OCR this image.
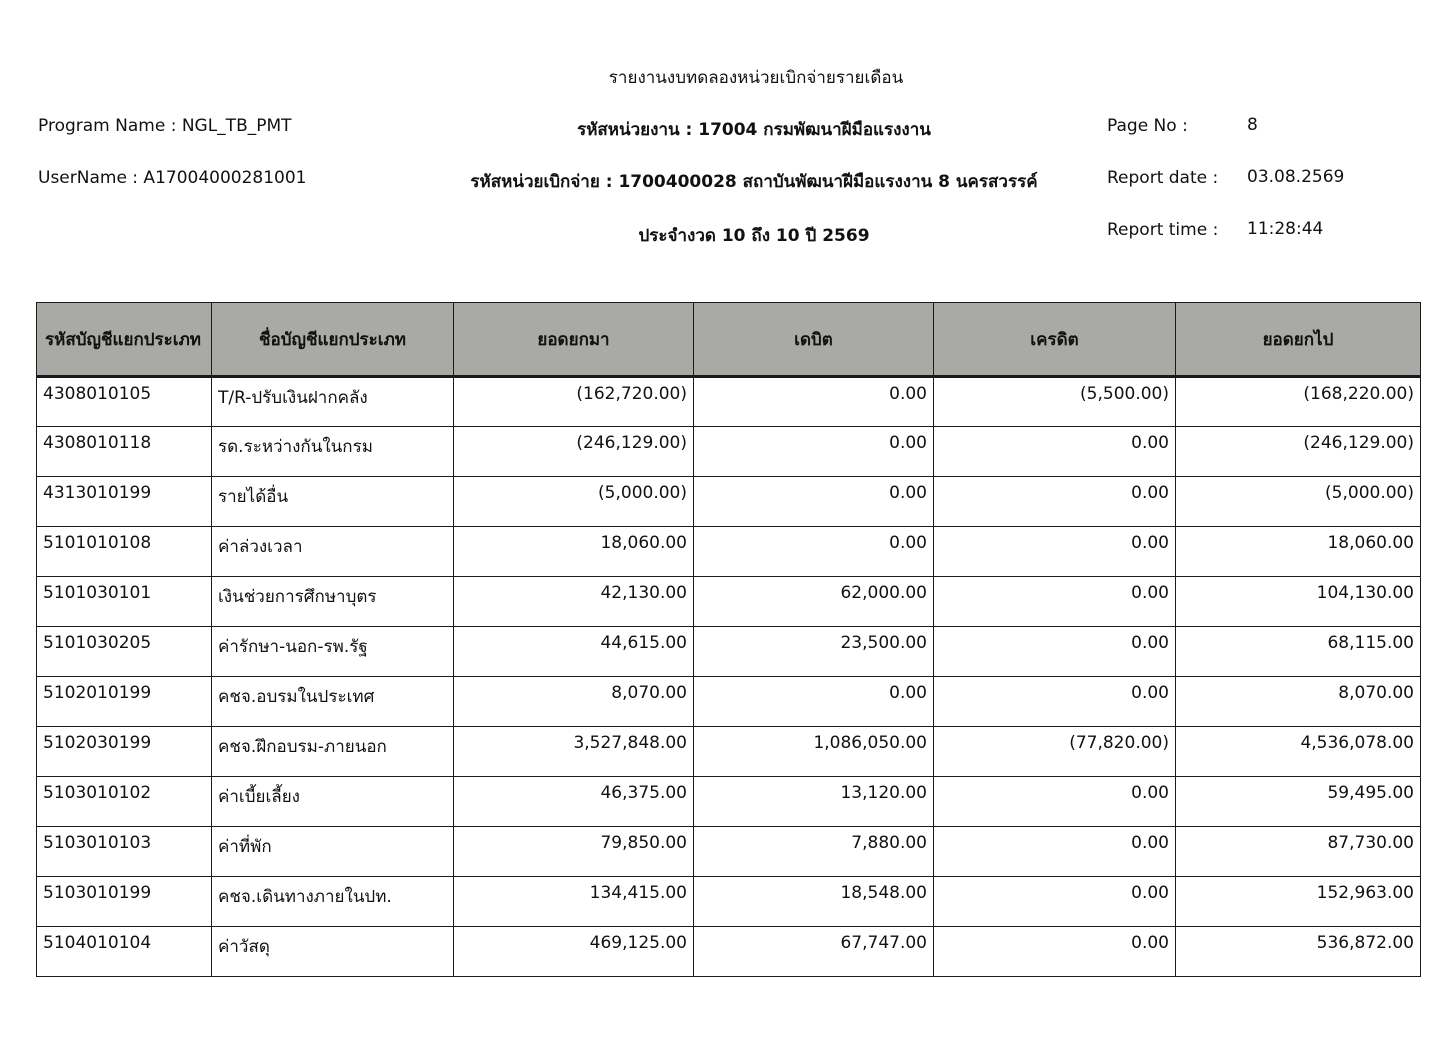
รายงานงบทดลองหน่วยเบิกจ่ายรายเดือน
Program Name : NGL_TB_PMT	รหัสหน่วยงาน : 17004 กรมพัฒนาฝีมือแรงงาน	Page No :	8
UserName : A17004000281001	รหัสหน่วยเบิกจ่าย : 1700400028 สถาบันพัฒนาฝีมือแรงงาน 8 นครสวรรค์	Report date : 03.08.2569
ประจำงวด 10 ถึง 10 ปี 2569	Report time : 11:28:44
รหัสบัญชีแยกประเภท	ชื่อบัญชีแยกประเภท	ยอดยกมา	เดบิต	เครดิต	ยอดยกไป
4308010105	T/R-ปรับเงินฝากคลัง	(162,720.00)	0.00	(5,500.00)	(168,220.00)
4308010118	รด.ระหว่างกันในกรม	(246,129.00)	0.00	0.00	(246,129.00)
4313010199	รายได้อื่น	(5,000.00)	0.00	0.00	(5,000.00)
5101010108	ค่าล่วงเวลา	18,060.00	0.00	0.00	18,060.00
5101030101	เงินช่วยการศึกษาบุตร	42,130.00	62,000.00	0.00	104,130.00
5101030205	ค่ารักษา-นอก-รพ.รัฐ	44,615.00	23,500.00	0.00	68,115.00
5102010199	คชจ.อบรมในประเทศ	8,070.00	0.00	0.00	8,070.00
5102030199	คชจ.ฝึกอบรม-ภายนอก	3,527,848.00	1,086,050.00	(77,820.00)	4,536,078.00
5103010102	ค่าเบี้ยเลี้ยง	46,375.00	13,120.00	0.00	59,495.00
5103010103	ค่าที่พัก	79,850.00	7,880.00	0.00	87,730.00
5103010199	คชจ.เดินทางภายในปท.	134,415.00	18,548.00	0.00	152,963.00
5104010104	ค่าวัสดุ	469,125.00	67,747.00	0.00	536,872.00
